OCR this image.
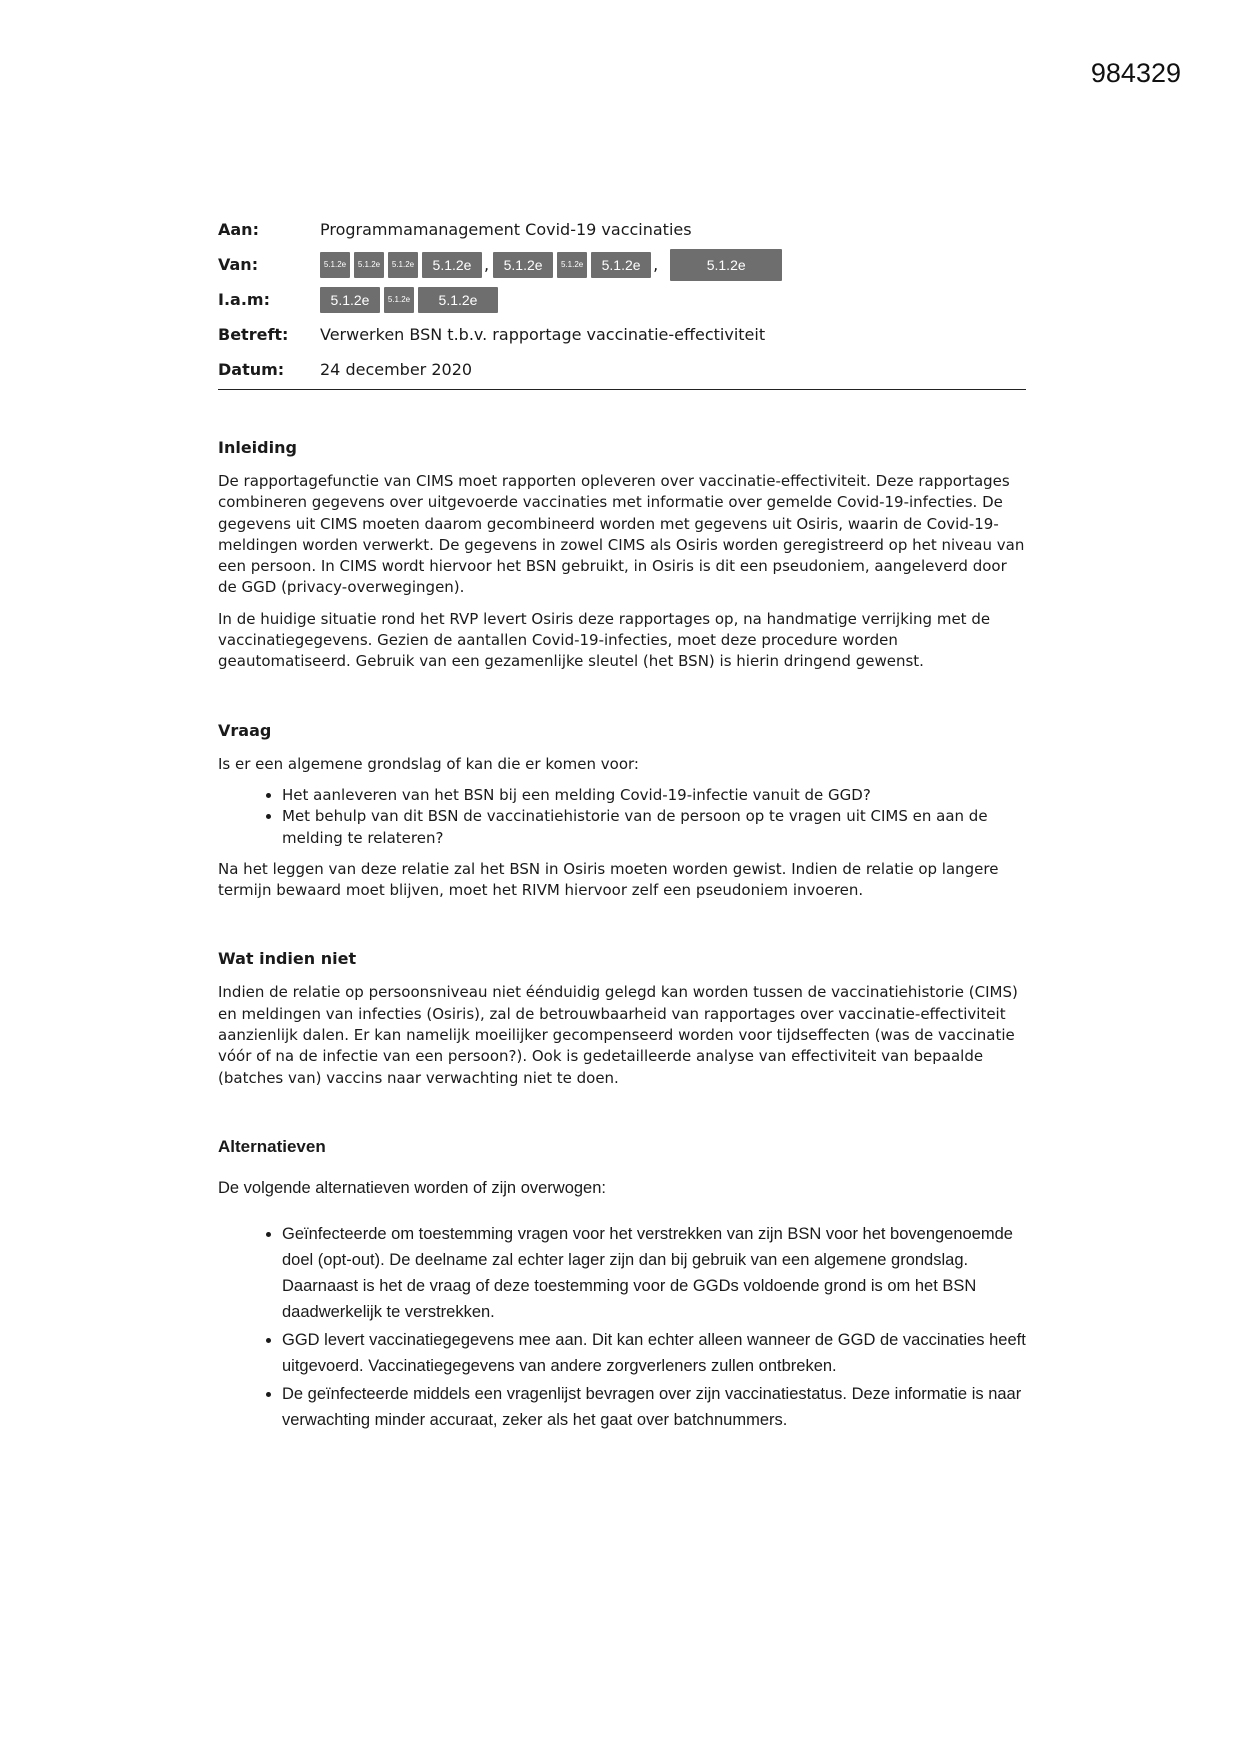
984329
Aan:	Programmamanagement Covid-19 vaccinaties
Van:	5.1.2e	5.1.2e	5.1.2e	5.1.2e ,	5.1.2e	5.1.2e	5.1.2e ,	5.1.2e
I.a.m:	5.1.2e	5.1.2e	5.1.2e
Betreft:	Verwerken BSN t.b.v. rapportage vaccinatie-effectiviteit
Datum:	24 december 2020
Inleiding

De rapportagefunctie van CIMS moet rapporten opleveren over vaccinatie-effectiviteit. Deze rapportages combineren gegevens over uitgevoerde vaccinaties met informatie over gemelde Covid-19-infecties. De gegevens uit CIMS moeten daarom gecombineerd worden met gegevens uit Osiris, waarin de Covid-19-meldingen worden verwerkt. De gegevens in zowel CIMS als Osiris worden geregistreerd op het niveau van een persoon. In CIMS wordt hiervoor het BSN gebruikt, in Osiris is dit een pseudoniem, aangeleverd door de GGD (privacy-overwegingen).

In de huidige situatie rond het RVP levert Osiris deze rapportages op, na handmatige verrijking met de vaccinatiegegevens. Gezien de aantallen Covid-19-infecties, moet deze procedure worden geautomatiseerd. Gebruik van een gezamenlijke sleutel (het BSN) is hierin dringend gewenst.

Vraag

Is er een algemene grondslag of kan die er komen voor:

• Het aanleveren van het BSN bij een melding Covid-19-infectie vanuit de GGD?
• Met behulp van dit BSN de vaccinatiehistorie van de persoon op te vragen uit CIMS en aan de melding te relateren?

Na het leggen van deze relatie zal het BSN in Osiris moeten worden gewist. Indien de relatie op langere termijn bewaard moet blijven, moet het RIVM hiervoor zelf een pseudoniem invoeren.

Wat indien niet

Indien de relatie op persoonsniveau niet éénduidig gelegd kan worden tussen de vaccinatiehistorie (CIMS) en meldingen van infecties (Osiris), zal de betrouwbaarheid van rapportages over vaccinatie-effectiviteit aanzienlijk dalen. Er kan namelijk moeilijker gecompenseerd worden voor tijdseffecten (was de vaccinatie vóór of na de infectie van een persoon?). Ook is gedetailleerde analyse van effectiviteit van bepaalde (batches van) vaccins naar verwachting niet te doen.

Alternatieven

De volgende alternatieven worden of zijn overwogen:

• Geïnfecteerde om toestemming vragen voor het verstrekken van zijn BSN voor het bovengenoemde doel (opt-out). De deelname zal echter lager zijn dan bij gebruik van een algemene grondslag. Daarnaast is het de vraag of deze toestemming voor de GGDs voldoende grond is om het BSN daadwerkelijk te verstrekken.
• GGD levert vaccinatiegegevens mee aan. Dit kan echter alleen wanneer de GGD de vaccinaties heeft uitgevoerd. Vaccinatiegegevens van andere zorgverleners zullen ontbreken.
• De geïnfecteerde middels een vragenlijst bevragen over zijn vaccinatiestatus. Deze informatie is naar verwachting minder accuraat, zeker als het gaat over batchnummers.
